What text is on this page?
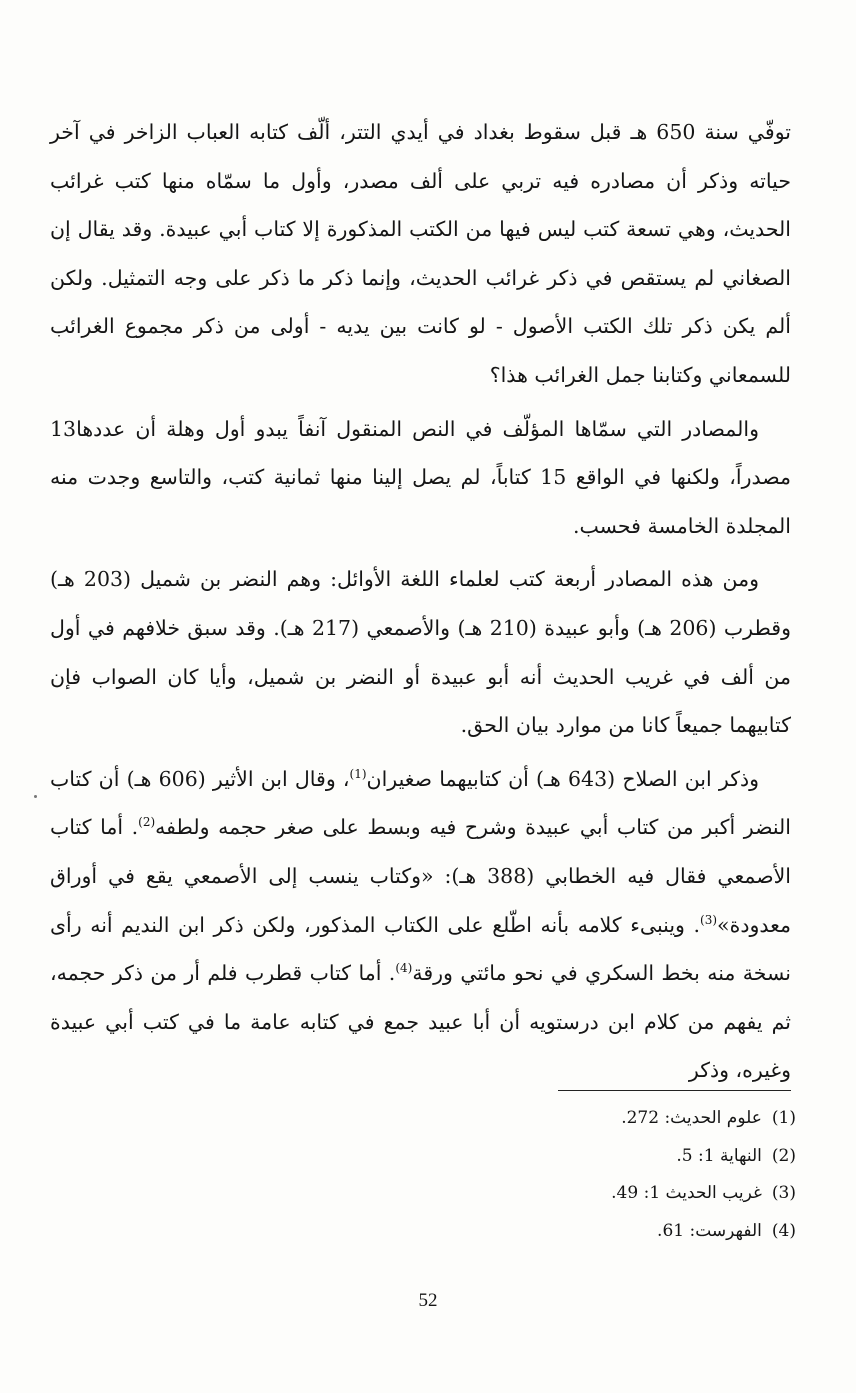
توفّي سنة 650 هـ قبل سقوط بغداد في أيدي التتر، ألّف كتابه العباب الزاخر في آخر حياته وذكر أن مصادره فيه تربي على ألف مصدر، وأول ما سمّاه منها كتب غرائب الحديث، وهي تسعة كتب ليس فيها من الكتب المذكورة إلا كتاب أبي عبيدة. وقد يقال إن الصغاني لم يستقص في ذكر غرائب الحديث، وإنما ذكر ما ذكر على وجه التمثيل. ولكن ألم يكن ذكر تلك الكتب الأصول - لو كانت بين يديه - أولى من ذكر مجموع الغرائب للسمعاني وكتابنا جمل الغرائب هذا؟

والمصادر التي سمّاها المؤلّف في النص المنقول آنفاً يبدو أول وهلة أن عددها13 مصدراً، ولكنها في الواقع 15 كتاباً، لم يصل إلينا منها ثمانية كتب، والتاسع وجدت منه المجلدة الخامسة فحسب.

ومن هذه المصادر أربعة كتب لعلماء اللغة الأوائل: وهم النضر بن شميل (203 هـ) وقطرب (206 هـ) وأبو عبيدة (210 هـ) والأصمعي (217 هـ). وقد سبق خلافهم في أول من ألف في غريب الحديث أنه أبو عبيدة أو النضر بن شميل، وأيا كان الصواب فإن كتابيهما جميعاً كانا من موارد بيان الحق.

وذكر ابن الصلاح (643 هـ) أن كتابيهما صغيران$^{(1)}$، وقال ابن الأثير (606 هـ) أن كتاب النضر أكبر من كتاب أبي عبيدة وشرح فيه وبسط على صغر حجمه ولطفه$^{(2)}$. أما كتاب الأصمعي فقال فيه الخطابي (388 هـ): «وكتاب ينسب إلى الأصمعي يقع في أوراق معدودة»$^{(3)}$. وينبىء كلامه بأنه اطّلع على الكتاب المذكور، ولكن ذكر ابن النديم أنه رأى نسخة منه بخط السكري في نحو مائتي ورقة$^{(4)}$. أما كتاب قطرب فلم أر من ذكر حجمه، ثم يفهم من كلام ابن درستويه أن أبا عبيد جمع في كتابه عامة ما في كتب أبي عبيدة وغيره، وذكر

(1)علوم الحديث: 272.
(2)النهاية 1: 5.
(3)غريب الحديث 1: 49.
(4)الفهرست: 61.
52
